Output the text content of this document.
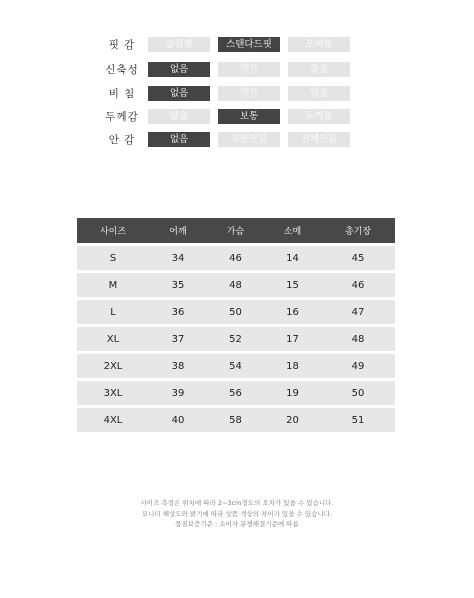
핏 감	슬림핏	스탠다드핏	오버핏
신축성	없음	약간	좋음
비 침	없음	약간	있음
두께감	얇음	보통	두꺼움
안 감	없음	부분안감	전체안감
사이즈	어깨	가슴	소매	총기장
S	34	46	14	45
M	35	48	15	46
L	36	50	16	47
XL	37	52	17	48
2XL	38	54	18	49
3XL	39	56	19	50
4XL	40	58	20	51
사이즈 측정은 위치에 따라 2~3cm정도의 오차가 있을 수 있습니다.
모니터 해상도와 밝기에 따라 상품 색상의 차이가 있을 수 있습니다.
품질보증기준 : 소비자 분쟁해결기준에 따름
